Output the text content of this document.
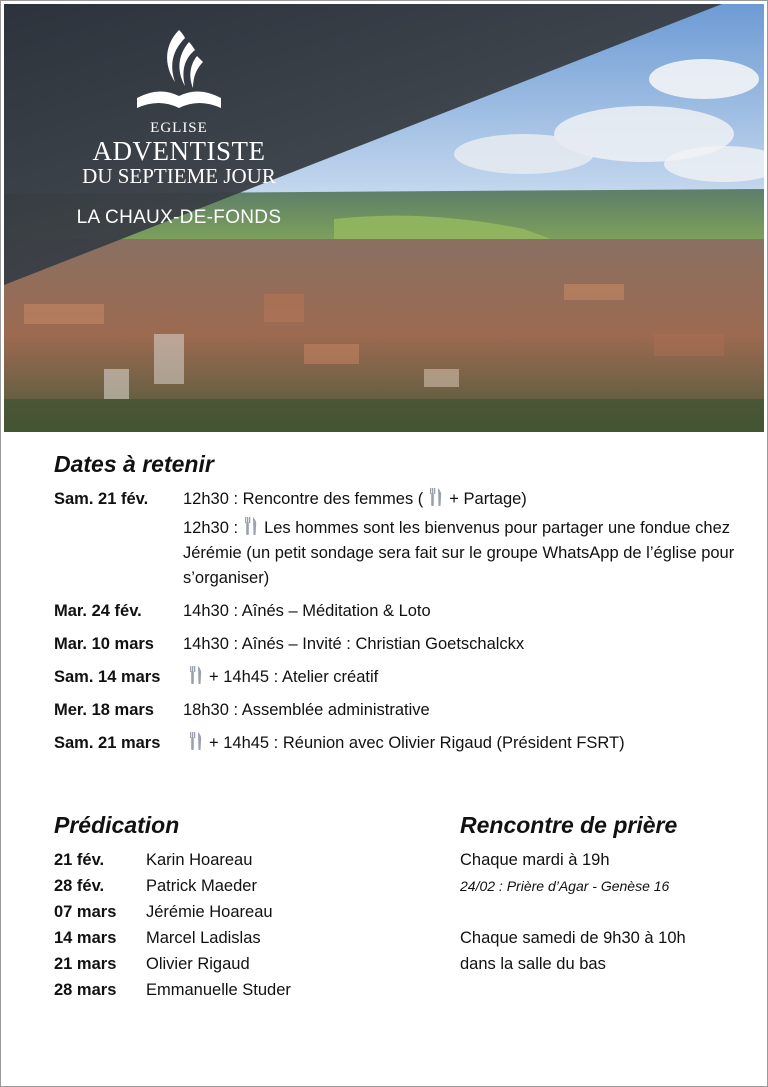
EGLISE
ADVENTISTE
DU SEPTIEME JOUR
LA CHAUX-DE-FONDS
Dates à retenir
Sam. 21 fév.	12h30 : Rencontre des femmes ( + Partage)
12h30 : Les hommes sont les bienvenus pour partager une fondue chez Jérémie (un petit sondage sera fait sur le groupe WhatsApp de l’église pour s’organiser)
Mar. 24 fév.	14h30 : Aînés – Méditation & Loto
Mar. 10 mars	14h30 : Aînés – Invité : Christian Goetschalckx
Sam. 14 mars	+ 14h45 : Atelier créatif
Mer. 18 mars	18h30 : Assemblée administrative
Sam. 21 mars	+ 14h45 : Réunion avec Olivier Rigaud (Président FSRT)
Prédication
21 fév.	Karin Hoareau
28 fév.	Patrick Maeder
07 mars	Jérémie Hoareau
14 mars	Marcel Ladislas
21 mars	Olivier Rigaud
28 mars	Emmanuelle Studer
Rencontre de prière
Chaque mardi à 19h
24/02 : Prière d’Agar - Genèse 16
Chaque samedi de 9h30 à 10h
dans la salle du bas
